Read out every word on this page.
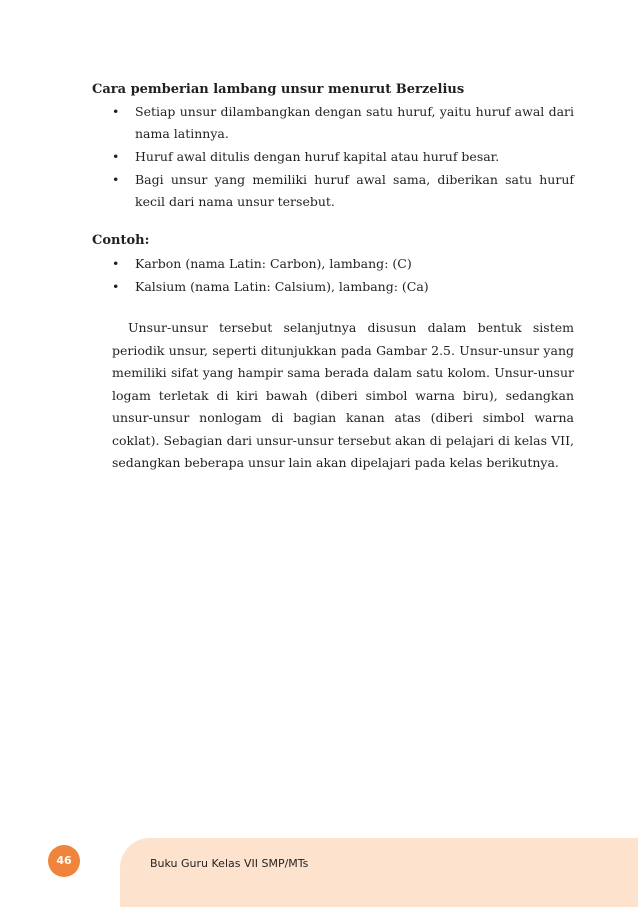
Cara pemberian lambang unsur menurut Berzelius
• Setiap unsur dilambangkan dengan satu huruf, yaitu huruf awal dari nama latinnya.
• Huruf awal ditulis dengan huruf kapital atau huruf besar.
• Bagi unsur yang memiliki huruf awal sama, diberikan satu huruf kecil dari nama unsur tersebut.
Contoh:
• Karbon (nama Latin: Carbon), lambang: (C)
• Kalsium (nama Latin: Calsium), lambang: (Ca)

Unsur-unsur tersebut selanjutnya disusun dalam bentuk sistem periodik unsur, seperti ditunjukkan pada Gambar 2.5. Unsur-unsur yang memiliki sifat yang hampir sama berada dalam satu kolom. Unsur-unsur logam terletak di kiri bawah (diberi simbol warna biru), sedangkan unsur-unsur nonlogam di bagian kanan atas (diberi simbol warna coklat). Sebagian dari unsur-unsur tersebut akan di pelajari di kelas VII, sedangkan beberapa unsur lain akan dipelajari pada kelas berikutnya.

46	Buku Guru Kelas VII SMP/MTs
